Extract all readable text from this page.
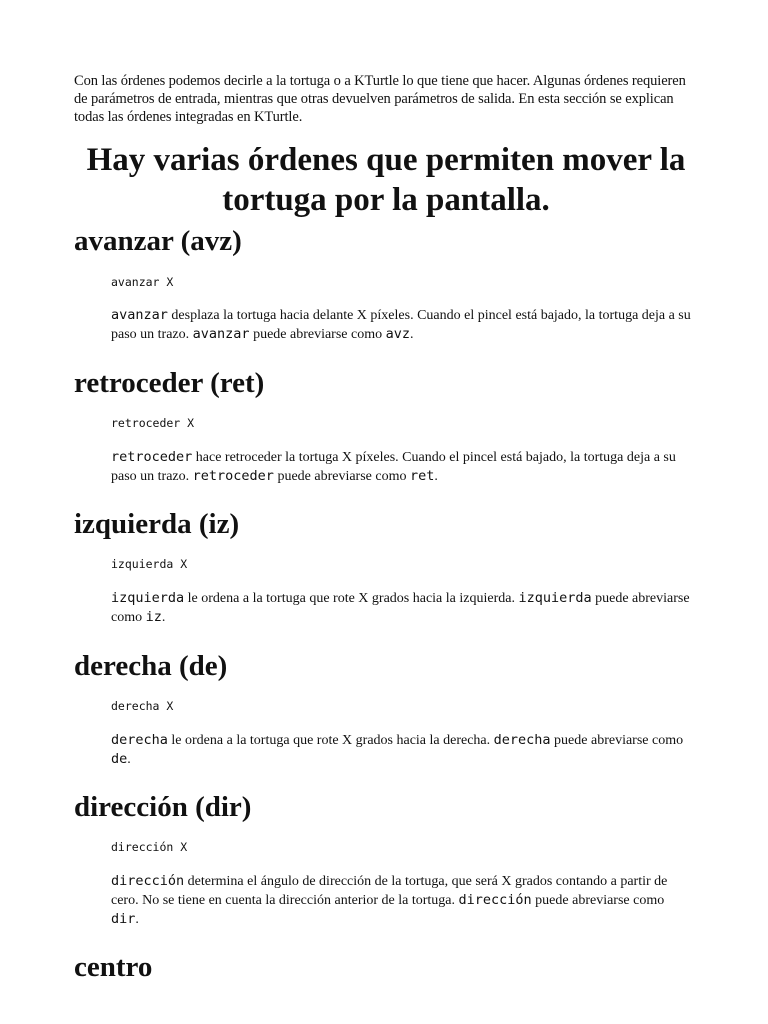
Con las órdenes podemos decirle a la tortuga o a KTurtle lo que tiene que hacer. Algunas órdenes requieren de parámetros de entrada, mientras que otras devuelven parámetros de salida. En esta sección se explican todas las órdenes integradas en KTurtle.

Hay varias órdenes que permiten mover la tortuga por la pantalla.
avanzar (avz)
avanzar X
avanzar desplaza la tortuga hacia delante X píxeles. Cuando el pincel está bajado, la tortuga deja a su paso un trazo. avanzar puede abreviarse como avz.
retroceder (ret)
retroceder X
retroceder hace retroceder la tortuga X píxeles. Cuando el pincel está bajado, la tortuga deja a su paso un trazo. retroceder puede abreviarse como ret.
izquierda (iz)
izquierda X
izquierda le ordena a la tortuga que rote X grados hacia la izquierda. izquierda puede abreviarse como iz.
derecha (de)
derecha X
derecha le ordena a la tortuga que rote X grados hacia la derecha. derecha puede abreviarse como de.
dirección (dir)
dirección X
dirección determina el ángulo de dirección de la tortuga, que será X grados contando a partir de cero. No se tiene en cuenta la dirección anterior de la tortuga. dirección puede abreviarse como dir.
centro
